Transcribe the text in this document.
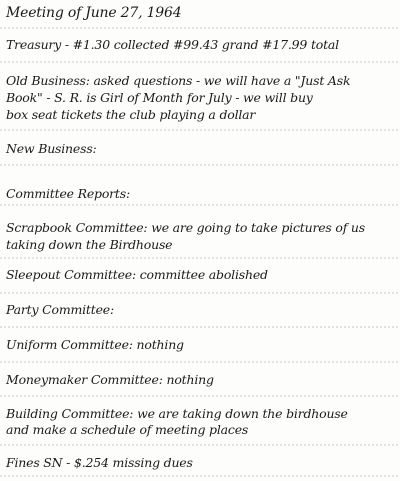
Meeting of June 27, 1964
Treasury - #1.30 collected #99.43 grand #17.99 total
Old Business: asked questions - we will have a "Just Ask
Book" - S. R. is Girl of Month for July - we will buy
box seat tickets the club playing a dollar
New Business:
Committee Reports:
Scrapbook Committee: we are going to take pictures of us
taking down the Birdhouse
Sleepout Committee: committee abolished
Party Committee:
Uniform Committee: nothing
Moneymaker Committee: nothing
Building Committee: we are taking down the birdhouse
and make a schedule of meeting places
Fines SN - $.254 missing dues
